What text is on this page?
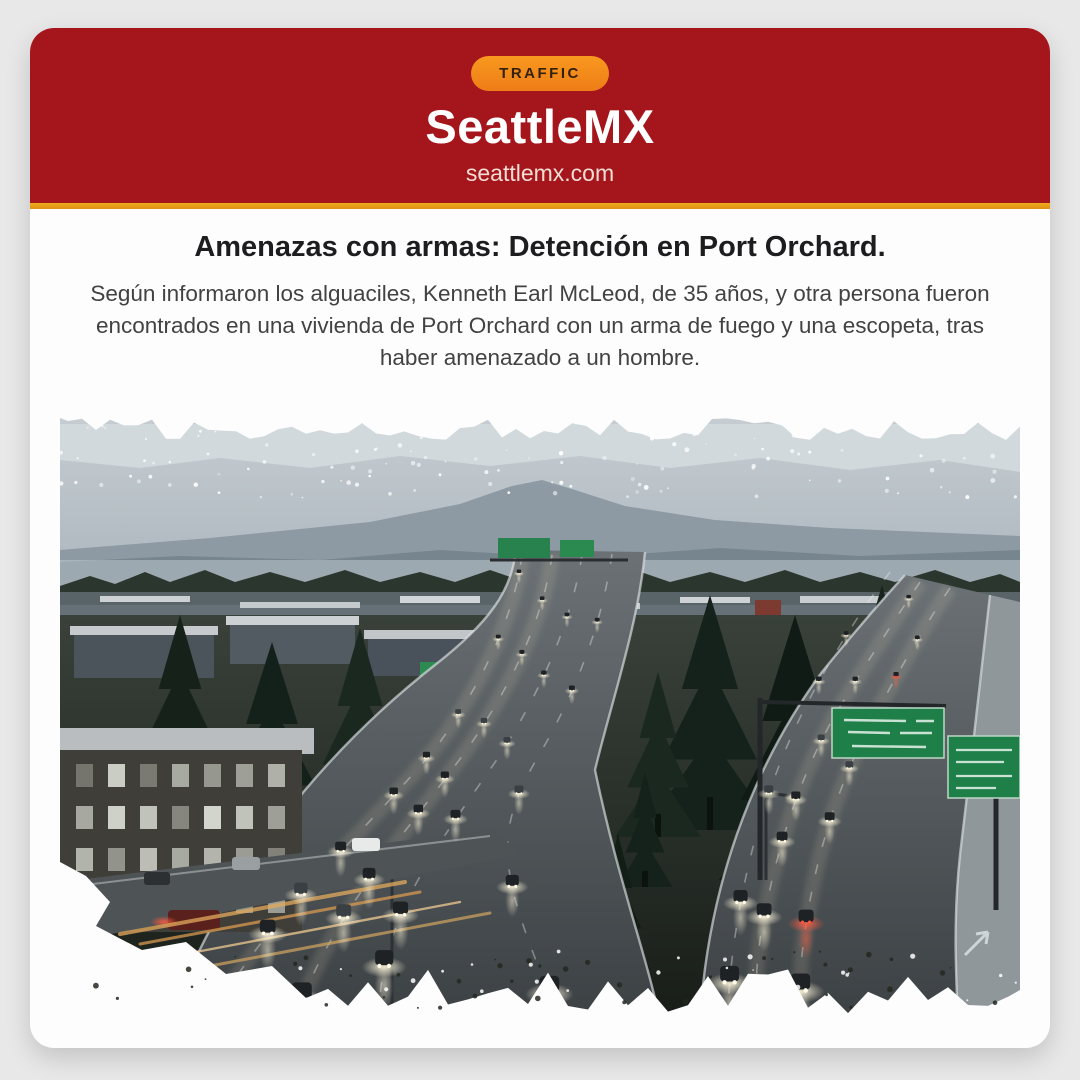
TRAFFIC
SeattleMX
seattlemx.com
Amenazas con armas: Detención en Port Orchard.

Según informaron los alguaciles, Kenneth Earl McLeod, de 35 años, y otra persona fueron encontrados en una vivienda de Port Orchard con un arma de fuego y una escopeta, tras haber amenazado a un hombre.
